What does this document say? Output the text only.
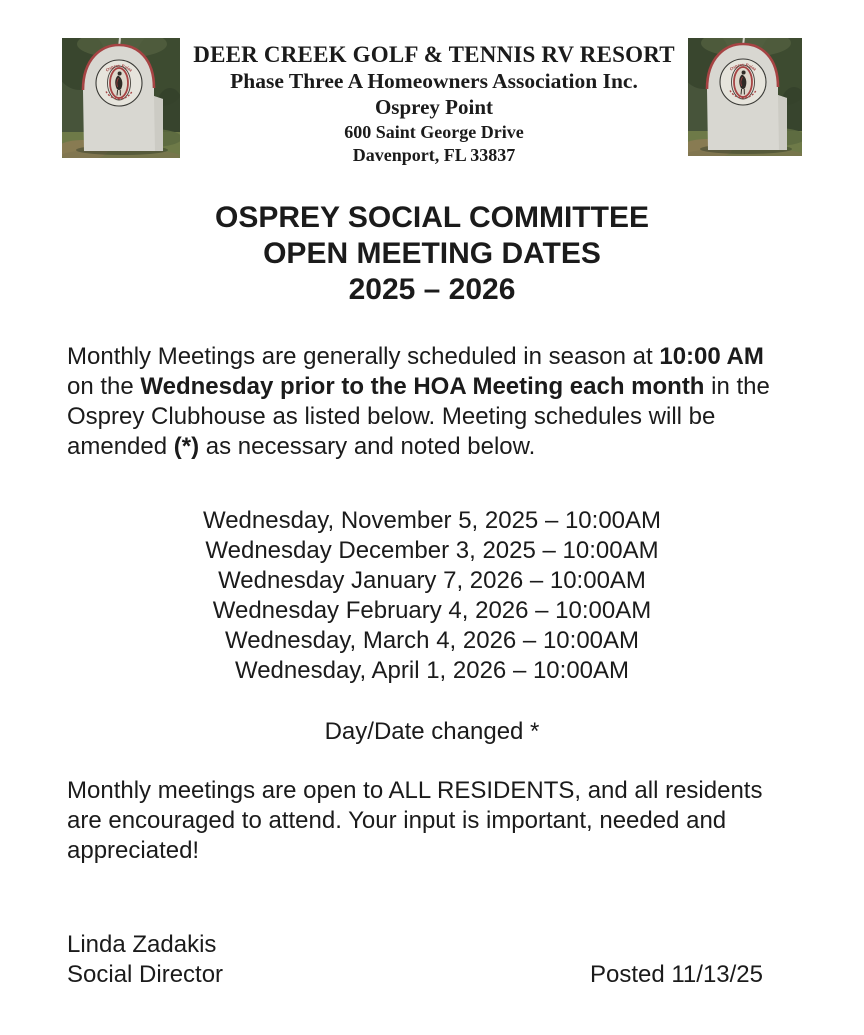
DEER CREEK GOLF & TENNIS RV RESORT
Phase Three A Homeowners Association Inc.
Osprey Point
600 Saint George Drive
Davenport, FL 33837
OSPREY SOCIAL COMMITTEE
OPEN MEETING DATES
2025 – 2026

Monthly Meetings are generally scheduled in season at 10:00 AM on the Wednesday prior to the HOA Meeting each month in the Osprey Clubhouse as listed below. Meeting schedules will be amended (*) as necessary and noted below.

Wednesday, November 5, 2025 – 10:00AM
Wednesday December 3, 2025 – 10:00AM
Wednesday January 7, 2026 – 10:00AM
Wednesday February 4, 2026 – 10:00AM
Wednesday, March 4, 2026 – 10:00AM
Wednesday, April 1, 2026 – 10:00AM
Day/Date changed *

Monthly meetings are open to ALL RESIDENTS, and all residents are encouraged to attend. Your input is important, needed and appreciated!

Linda Zadakis
Social Director	Posted 11/13/25
